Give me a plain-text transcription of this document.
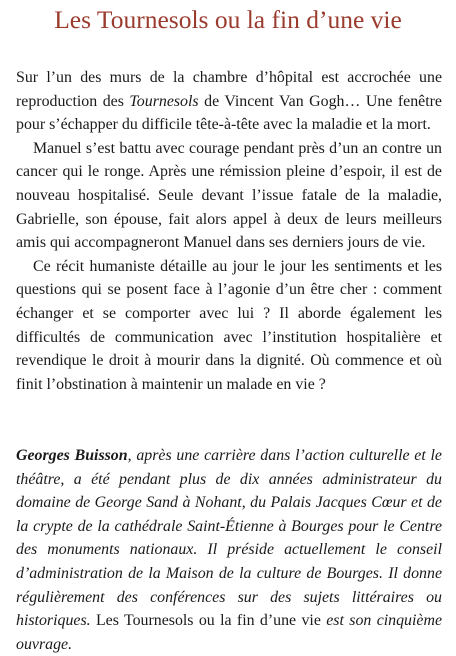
Les Tournesols ou la fin d’une vie

Sur l’un des murs de la chambre d’hôpital est accrochée une reproduction des Tournesols de Vincent Van Gogh… Une fenêtre pour s’échapper du difficile tête-à-tête avec la maladie et la mort.

Manuel s’est battu avec courage pendant près d’un an contre un cancer qui le ronge. Après une rémission pleine d’espoir, il est de nouveau hospitalisé. Seule devant l’issue fatale de la maladie, Gabrielle, son épouse, fait alors appel à deux de leurs meilleurs amis qui accompagneront Manuel dans ses derniers jours de vie.

Ce récit humaniste détaille au jour le jour les sentiments et les questions qui se posent face à l’agonie d’un être cher : comment échanger et se comporter avec lui ? Il aborde également les difficultés de communication avec l’institution hospitalière et revendique le droit à mourir dans la dignité. Où commence et où finit l’obstination à maintenir un malade en vie ?

Georges Buisson, après une carrière dans l’action culturelle et le théâtre, a été pendant plus de dix années administrateur du domaine de George Sand à Nohant, du Palais Jacques Cœur et de la crypte de la cathédrale Saint-Étienne à Bourges pour le Centre des monuments nationaux. Il préside actuellement le conseil d’administration de la Maison de la culture de Bourges. Il donne régulièrement des conférences sur des sujets littéraires ou historiques. Les Tournesols ou la fin d’une vie est son cinquième ouvrage.
